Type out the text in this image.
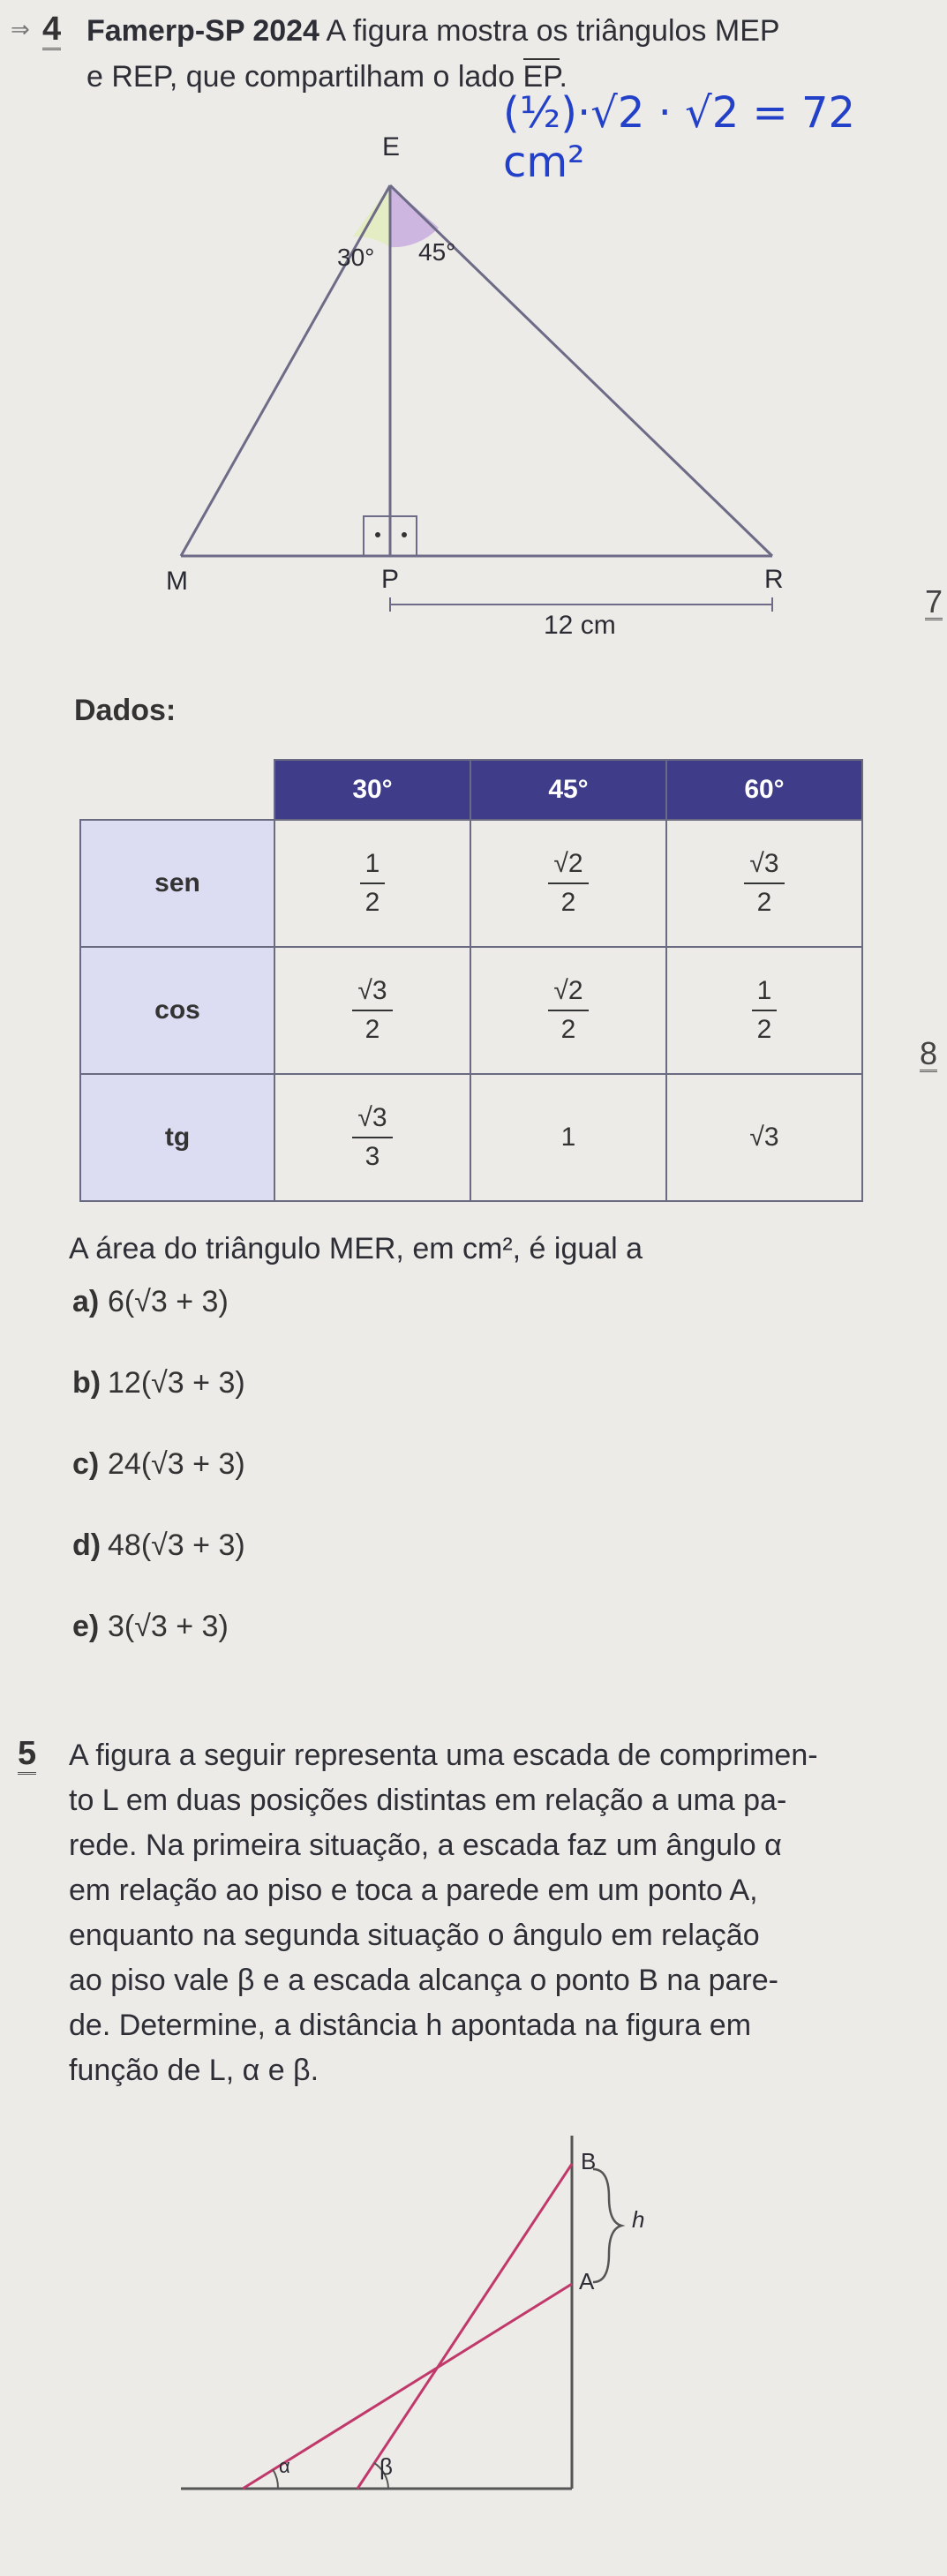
⇒ 4 Famerp-SP 2024 A figura mostra os triângulos MEP
e REP, que compartilham o lado EP.
(½)·√2 · √2 = 72 cm²
E
30° 45°
M	P	R
12 cm
7
8
Dados:
	30°	45°	60°
sen	$\frac{1}{2}$	$\frac{√2}{2}$	$\frac{√3}{2}$

cos	$\frac{√3}{2}$	$\frac{√2}{2}$	$\frac{1}{2}$

tg	$\frac{√3}{3}$	1	√3
A área do triângulo MER, em cm², é igual a
a) 6(√3 + 3)
b) 12(√3 + 3)
c) 24(√3 + 3)
d) 48(√3 + 3)
e) 3(√3 + 3)
5 A figura a seguir representa uma escada de comprimen-
to L em duas posições distintas em relação a uma pa-
rede. Na primeira situação, a escada faz um ângulo α
em relação ao piso e toca a parede em um ponto A,
enquanto na segunda situação o ângulo em relação
ao piso vale β e a escada alcança o ponto B na pare-
de. Determine, a distância h apontada na figura em
função de L, α e β.
B
A
h
α	β
